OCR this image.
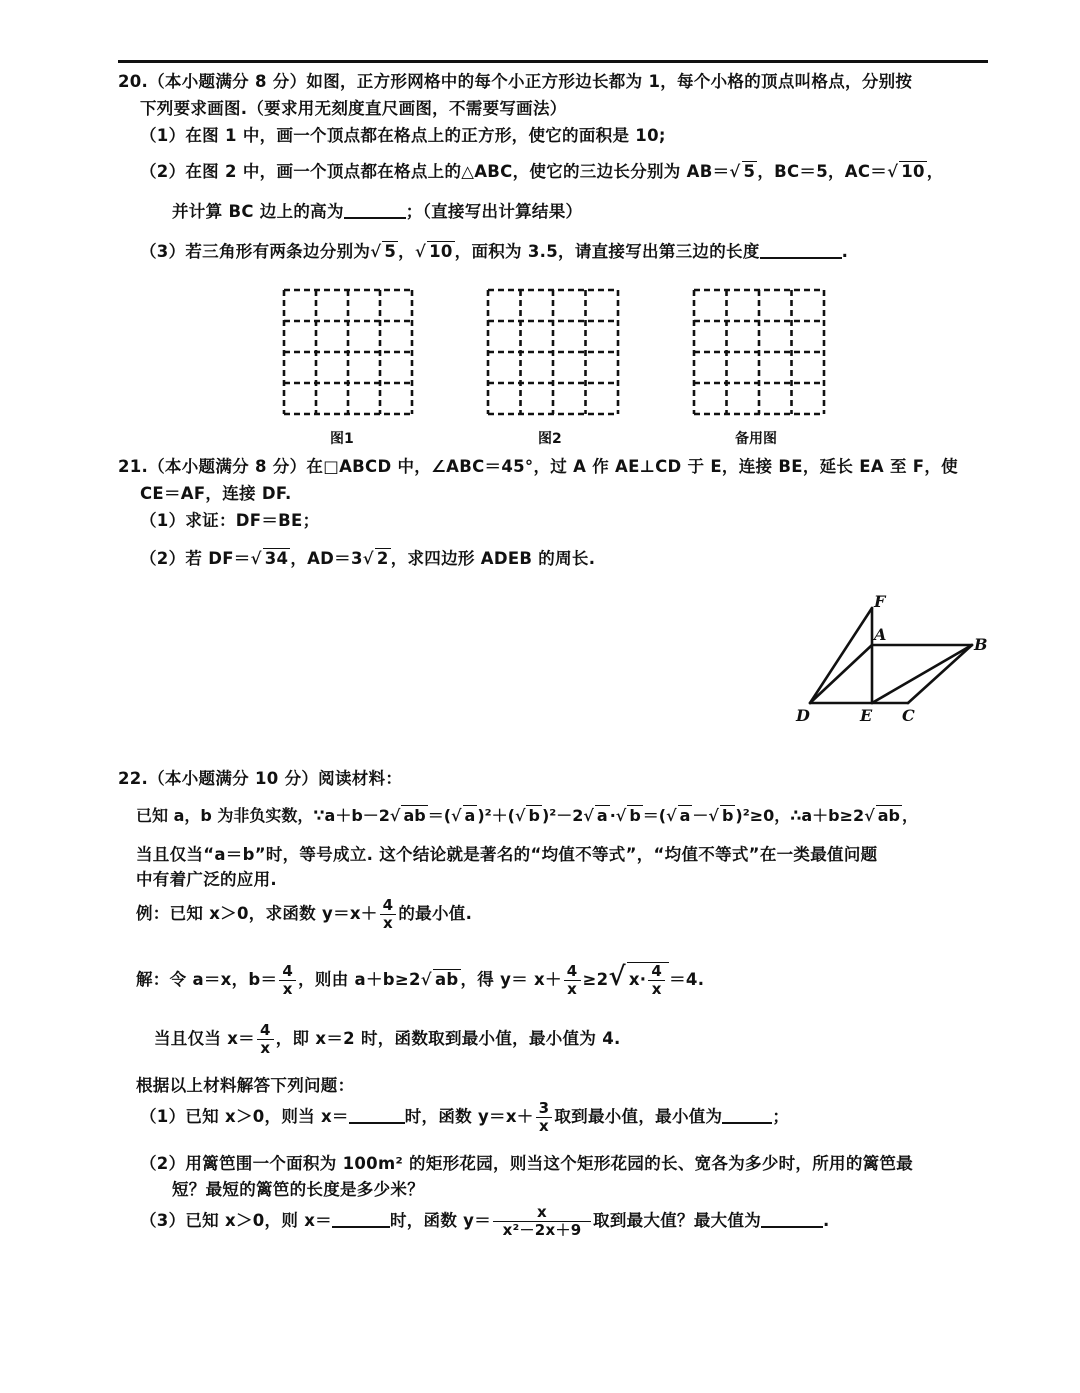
20.（本小题满分 8 分）如图，正方形网格中的每个小正方形边长都为 1，每个小格的顶点叫格点，分别按
下列要求画图.（要求用无刻度直尺画图，不需要写画法）
（1）在图 1 中，画一个顶点都在格点上的正方形，使它的面积是 10;
（2）在图 2 中，画一个顶点都在格点上的△ABC，使它的三边长分别为 AB＝√ 5 ，BC＝5，AC＝√ 10 ，
并计算 BC 边上的高为	；（直接写出计算结果）
（3）若三角形有两条边分别为√ 5 ，√ 10 ，面积为 3.5，请直接写出第三边的长度	.
图1	图2	备用图
21.（本小题满分 8 分）在□ABCD 中，∠ABC＝45°，过 A 作 AE⊥CD 于 E，连接 BE，延长 EA 至 F，使
CE＝AF，连接 DF.
（1）求证：DF＝BE；
（2）若 DF＝√ 34 ，AD＝3√ 2 ，求四边形 ADEB 的周长.
F
A
B
D	E C
22.（本小题满分 10 分）阅读材料：
已知 a，b 为非负实数，∵a＋b－2√ ab ＝(√ a )²＋(√ b )²－2√ a ·√ b ＝(√ a －√ b )²≥0，∴a＋b≥2√ ab ，
当且仅当“a＝b”时，等号成立. 这个结论就是著名的“均值不等式”，“均值不等式”在一类最值问题
中有着广泛的应用.
例：已知 x＞0，求函数 $y=x+ \frac{4}{x}$ 的最小值.
解：令 a＝x，$b= \frac{4}{x}$ ，则由 a＋b≥2√ ab ，得 $y= x+ \frac{4}{x} \ge 2√$ $x\cdot \frac{4}{x} =4$.
当且仅当 $x= \frac{4}{x}$ ，即 x＝2 时，函数取到最小值，最小值为 4.
根据以上材料解答下列问题：
（1）已知 x＞0，则当 x＝	时，函数 $y=x+ \frac{3}{x}$ 取到最小值，最小值为	；
（2）用篱笆围一个面积为 100m² 的矩形花园，则当这个矩形花园的长、宽各为多少时，所用的篱笆最
短？最短的篱笆的长度是多少米？
（3）已知 x＞0，则 x＝	时，函数 $y= \frac{x}{\text{x²－2x＋9}}$ 取到最大值？最大值为	.
